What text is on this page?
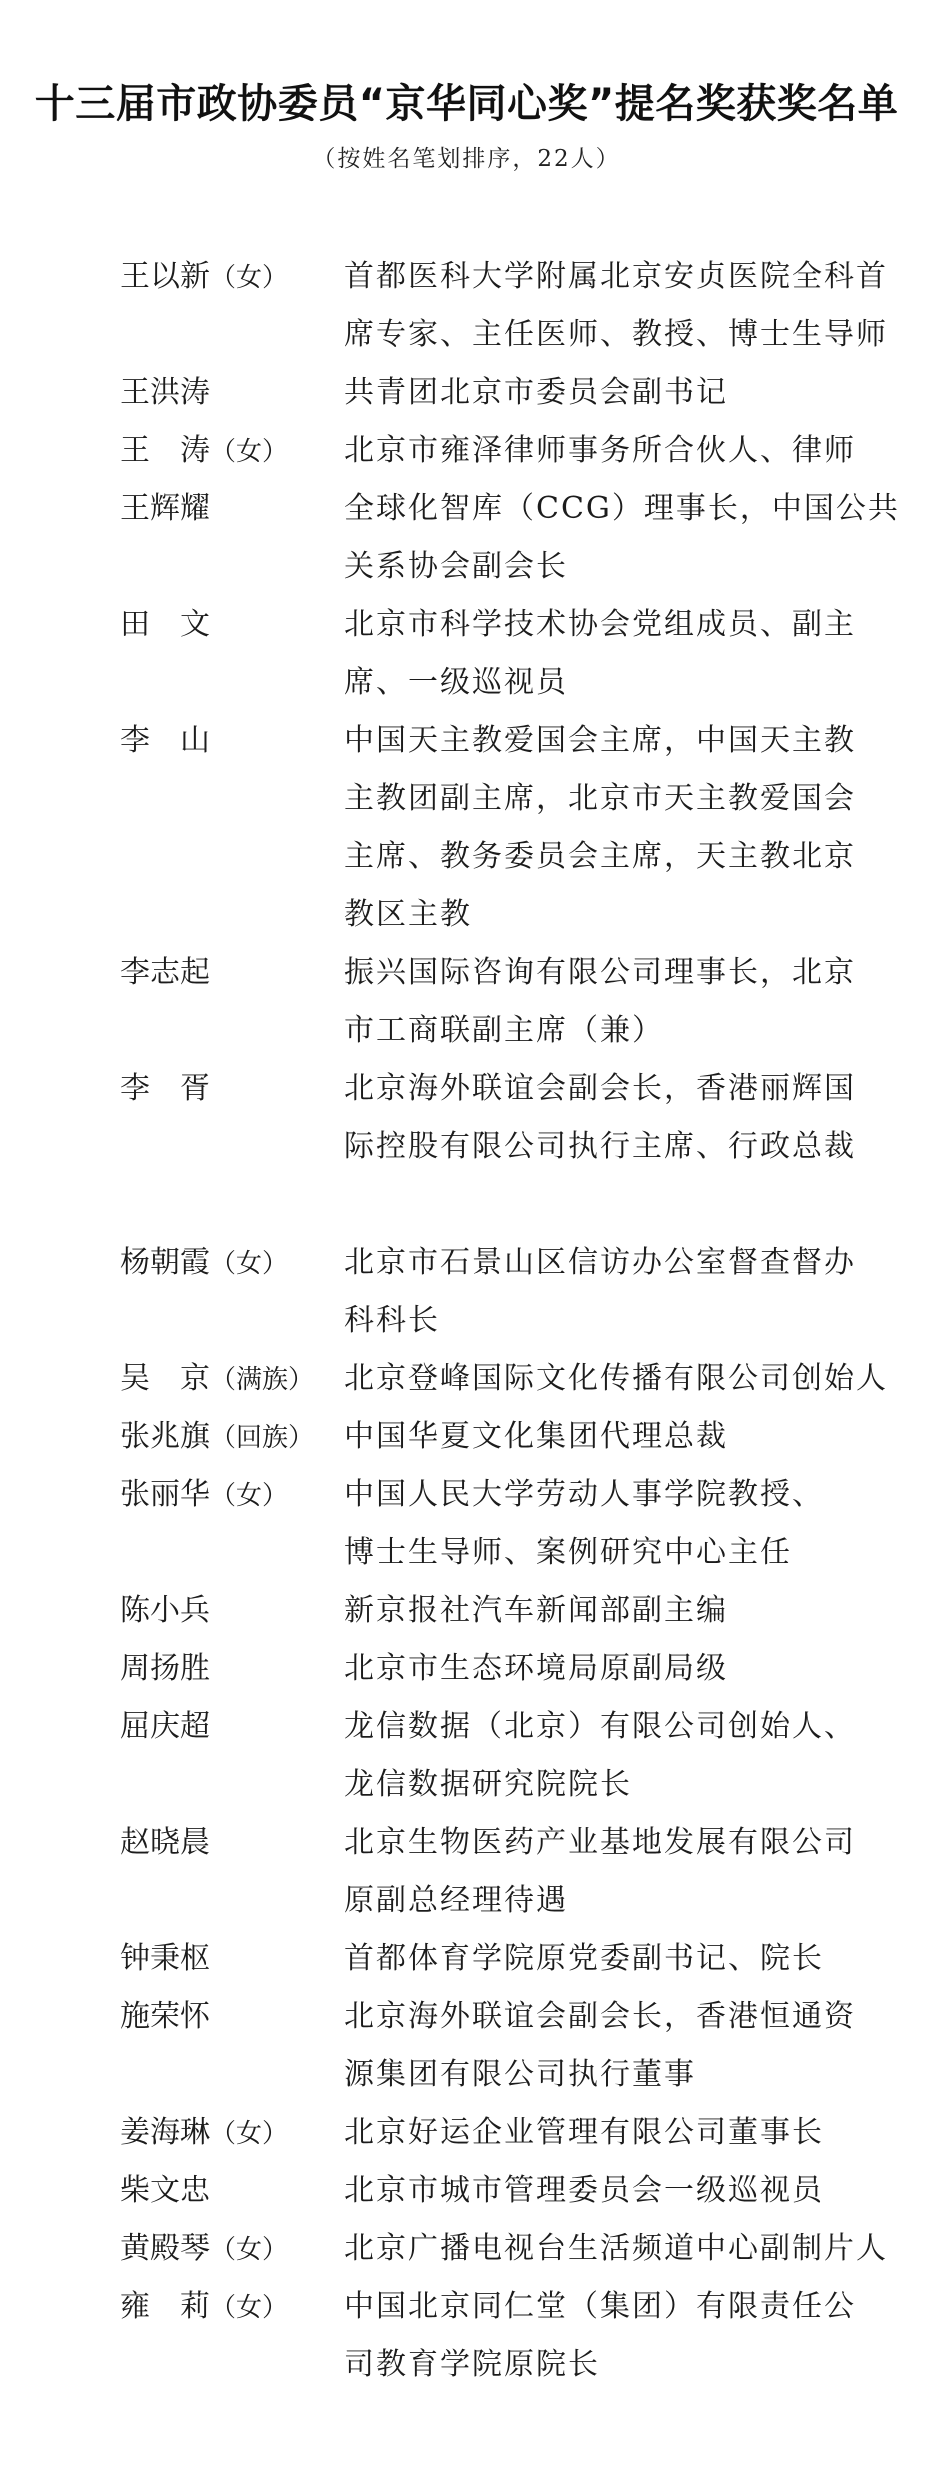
十三届市政协委员“京华同心奖”提名奖获奖名单
（按姓名笔划排序，22人）
王以新（女）	首都医科大学附属北京安贞医院全科首
席专家、主任医师、教授、博士生导师
王洪涛	共青团北京市委员会副书记
王　涛（女）	北京市雍泽律师事务所合伙人、律师
王辉耀	全球化智库（CCG）理事长，中国公共
关系协会副会长
田　文	北京市科学技术协会党组成员、副主
席、一级巡视员
李　山	中国天主教爱国会主席，中国天主教
主教团副主席，北京市天主教爱国会
主席、教务委员会主席，天主教北京
教区主教
李志起	振兴国际咨询有限公司理事长，北京
市工商联副主席（兼）
李　胥	北京海外联谊会副会长，香港丽辉国
际控股有限公司执行主席、行政总裁
杨朝霞（女）	北京市石景山区信访办公室督查督办
科科长
吴　京（满族） 北京登峰国际文化传播有限公司创始人
张兆旗（回族） 中国华夏文化集团代理总裁
张丽华（女）	中国人民大学劳动人事学院教授、
博士生导师、案例研究中心主任
陈小兵	新京报社汽车新闻部副主编
周扬胜	北京市生态环境局原副局级
屈庆超	龙信数据（北京）有限公司创始人、
龙信数据研究院院长
赵晓晨	北京生物医药产业基地发展有限公司
原副总经理待遇
钟秉枢	首都体育学院原党委副书记、院长
施荣怀	北京海外联谊会副会长，香港恒通资
源集团有限公司执行董事
姜海琳（女）	北京好运企业管理有限公司董事长
柴文忠	北京市城市管理委员会一级巡视员
黄殿琴（女）	北京广播电视台生活频道中心副制片人
雍　莉（女）	中国北京同仁堂（集团）有限责任公
司教育学院原院长
